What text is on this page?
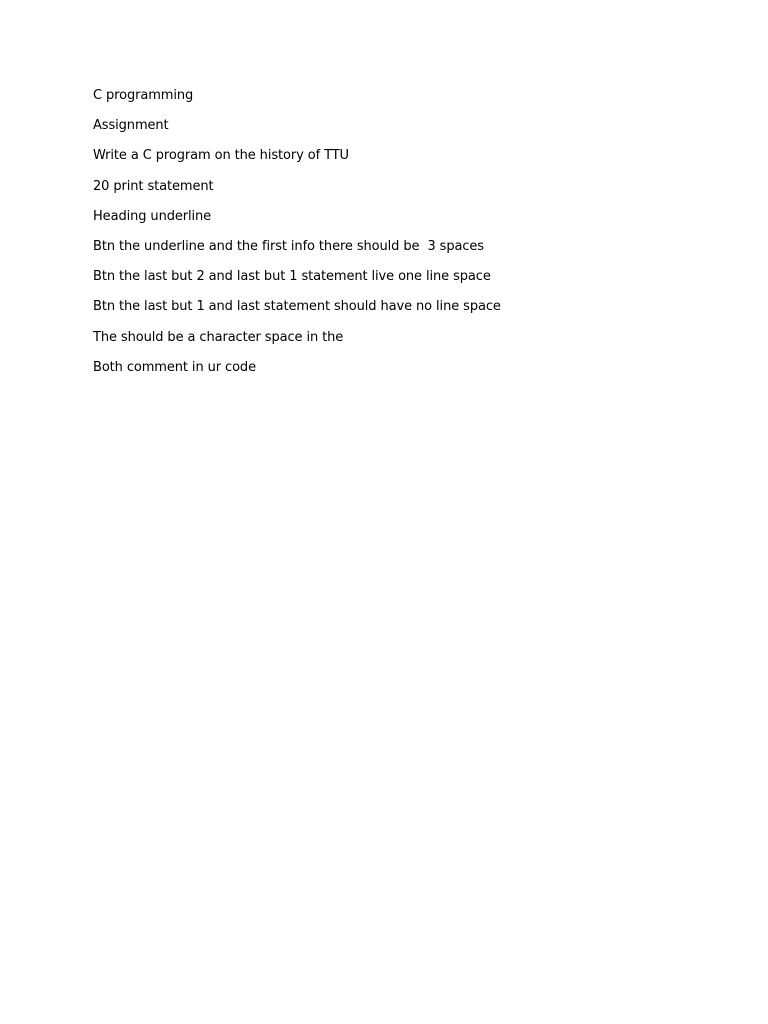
C programming

Assignment

Write a C program on the history of TTU

20 print statement

Heading underline

Btn the underline and the first info there should be  3 spaces

Btn the last but 2 and last but 1 statement live one line space

Btn the last but 1 and last statement should have no line space

The should be a character space in the

Both comment in ur code
